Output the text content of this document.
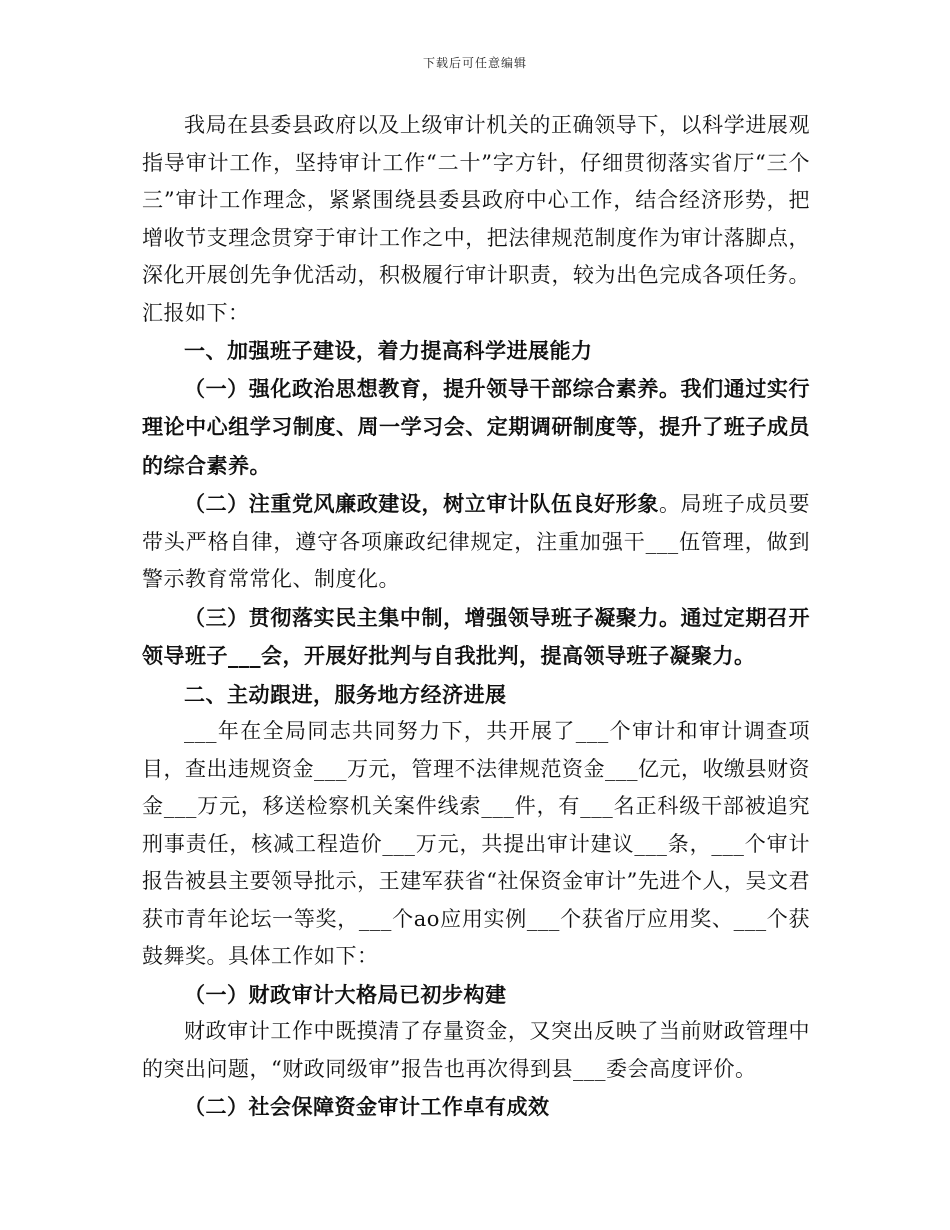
下载后可任意编辑

我局在县委县政府以及上级审计机关的正确领导下，以科学进展观指导审计工作，坚持审计工作“二十”字方针，仔细贯彻落实省厅“三个三”审计工作理念，紧紧围绕县委县政府中心工作，结合经济形势，把增收节支理念贯穿于审计工作之中，把法律规范制度作为审计落脚点，深化开展创先争优活动，积极履行审计职责，较为出色完成各项任务。汇报如下：

一、加强班子建设，着力提高科学进展能力

（一）强化政治思想教育，提升领导干部综合素养。我们通过实行理论中心组学习制度、周一学习会、定期调研制度等，提升了班子成员的综合素养。

（二）注重党风廉政建设，树立审计队伍良好形象。局班子成员要带头严格自律，遵守各项廉政纪律规定，注重加强干___伍管理，做到警示教育常常化、制度化。

（三）贯彻落实民主集中制，增强领导班子凝聚力。通过定期召开领导班子___会，开展好批判与自我批判，提高领导班子凝聚力。

二、主动跟进，服务地方经济进展

___年在全局同志共同努力下，共开展了___个审计和审计调查项目，查出违规资金___万元，管理不法律规范资金___亿元，收缴县财资金___万元，移送检察机关案件线索___件，有___名正科级干部被追究刑事责任，核减工程造价___万元，共提出审计建议___条，___个审计报告被县主要领导批示，王建军获省“社保资金审计”先进个人，吴文君获市青年论坛一等奖，___个ao应用实例___个获省厅应用奖、___个获鼓舞奖。具体工作如下：

（一）财政审计大格局已初步构建

财政审计工作中既摸清了存量资金，又突出反映了当前财政管理中的突出问题，“财政同级审”报告也再次得到县___委会高度评价。

（二）社会保障资金审计工作卓有成效
